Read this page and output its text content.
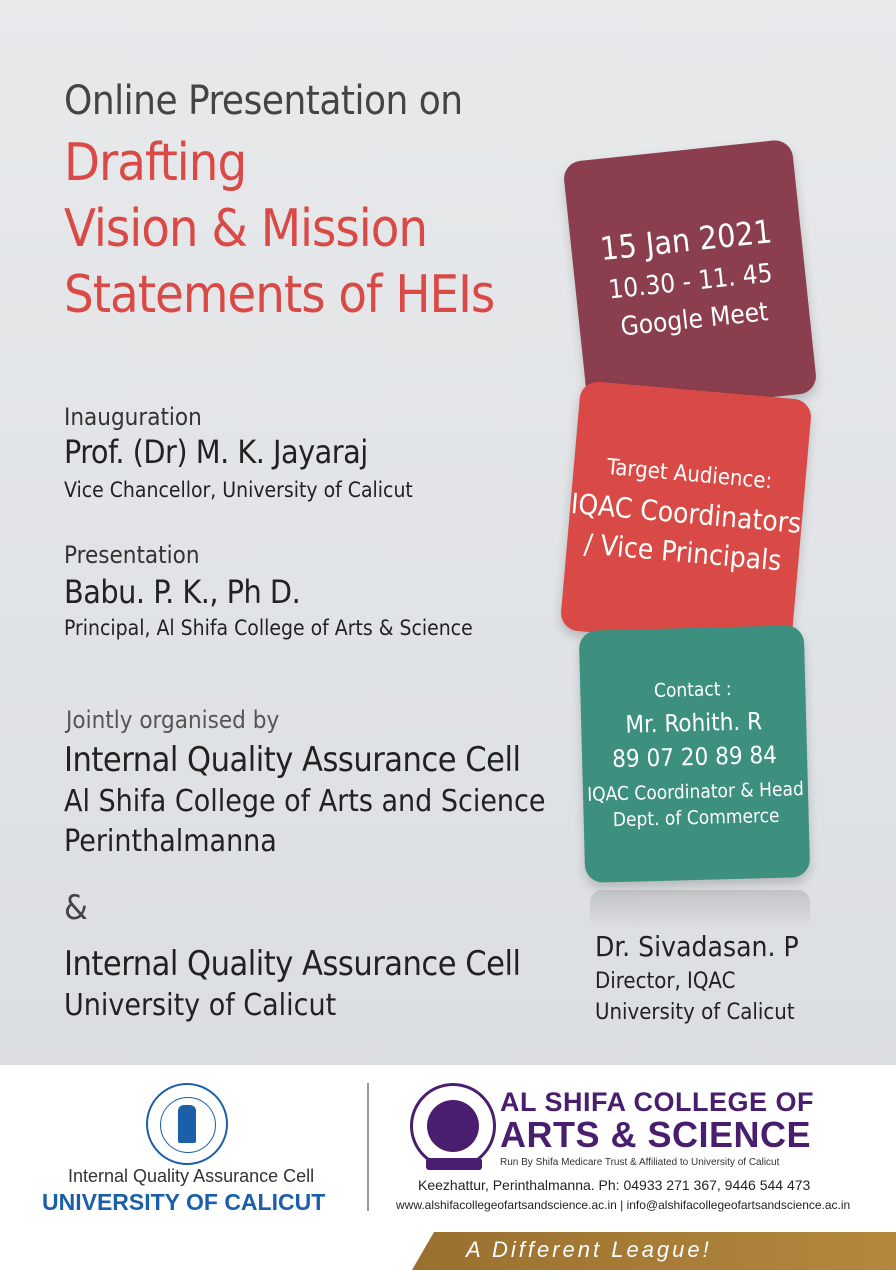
Online Presentation on
Drafting
Vision & Mission
Statements of HEIs
Inauguration
Prof. (Dr) M. K. Jayaraj
Vice Chancellor, University of Calicut
Presentation
Babu. P. K., Ph D.
Principal, Al Shifa College of Arts & Science
Jointly organised by
Internal Quality Assurance Cell
Al Shifa College of Arts and Science
Perinthalmanna
&
Internal Quality Assurance Cell
University of Calicut
15 Jan 2021
10.30 - 11. 45
Google Meet
Target Audience:
IQAC Coordinators
/ Vice Principals
Contact :
Mr. Rohith. R
89 07 20 89 84
IQAC Coordinator & Head
Dept. of Commerce
Dr. Sivadasan. P
Director, IQAC
University of Calicut
Internal Quality Assurance Cell
UNIVERSITY OF CALICUT
AL SHIFA COLLEGE OF
ARTS & SCIENCE
Run By Shifa Medicare Trust & Affiliated to University of Calicut
Keezhattur, Perinthalmanna. Ph: 04933 271 367, 9446 544 473
www.alshifacollegeofartsandscience.ac.in | info@alshifacollegeofartsandscience.ac.in
A Different League!
